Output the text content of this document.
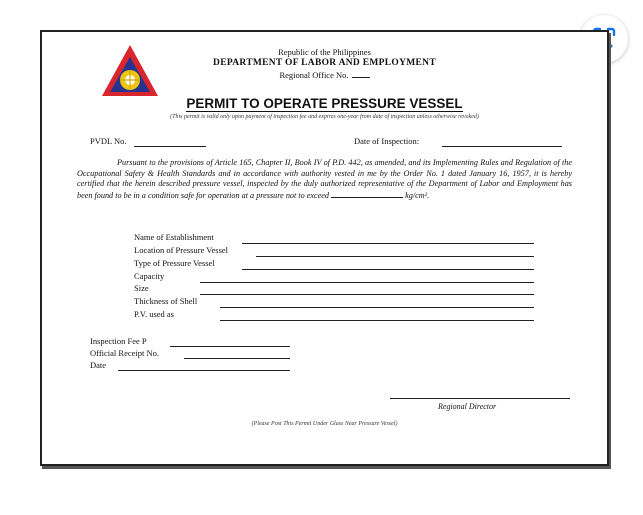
Republic of the Philippines
DEPARTMENT OF LABOR AND EMPLOYMENT
Regional Office No.
PERMIT TO OPERATE PRESSURE VESSEL
(This permit is valid only upon payment of inspection fee and expires one-year from date of inspection unless otherwise revoked)
PVDL No.	Date of Inspection:
Pursuant to the provisions of Article 165, Chapter II, Book IV of P.D. 442, as amended, and its Implementing Rules and Regulation of the Occupational Safety & Health Standards and in accordance with authority vested in me by the Order No. 1 dated January 16, 1957, it is hereby certified that the herein described pressure vessel, inspected by the duly authorized representative of the Department of Labor and Employment has been found to be in a condition safe for operation at a pressure not to exceed	kg/cm².
Name of Establishment
Location of Pressure Vessel
Type of Pressure Vessel
Capacity
Size
Thickness of Shell
P.V. used as
Inspection Fee P
Official Receipt No.
Date
Regional Director
(Please Post This Permit Under Glass Near Pressure Vessel)
